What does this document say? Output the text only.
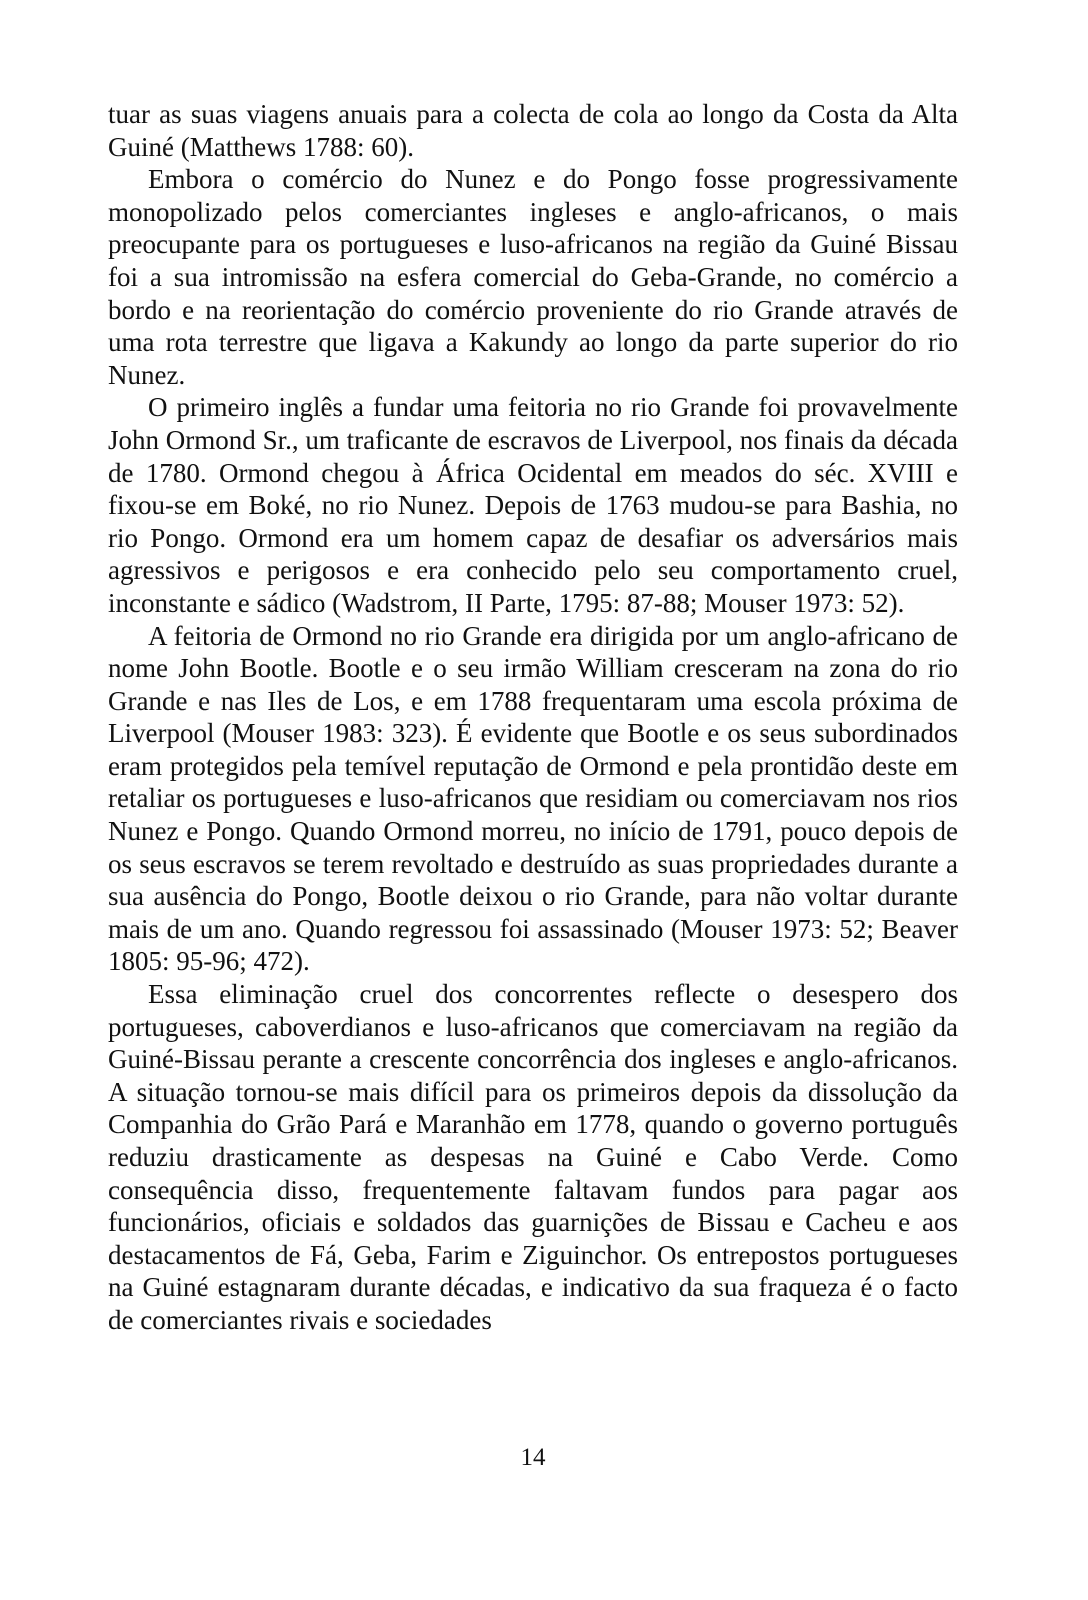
tuar as suas viagens anuais para a colecta de cola ao longo da Costa da Alta Guiné (Matthews 1788: 60).

Embora o comércio do Nunez e do Pongo fosse progressivamente monopolizado pelos comerciantes ingleses e anglo-africanos, o mais preocupante para os portugueses e luso-africanos na região da Guiné Bissau foi a sua intromissão na esfera comercial do Geba-Grande, no comércio a bordo e na reorientação do comércio proveniente do rio Grande através de uma rota terrestre que ligava a Kakundy ao longo da parte superior do rio Nunez.

O primeiro inglês a fundar uma feitoria no rio Grande foi provavelmente John Ormond Sr., um traficante de escravos de Liverpool, nos finais da década de 1780. Ormond chegou à África Ocidental em meados do séc. XVIII e fixou-se em Boké, no rio Nunez. Depois de 1763 mudou-se para Bashia, no rio Pongo. Ormond era um homem capaz de desafiar os adversários mais agressivos e perigosos e era conhecido pelo seu comportamento cruel, inconstante e sádico (Wadstrom, II Parte, 1795: 87-88; Mouser 1973: 52).

A feitoria de Ormond no rio Grande era dirigida por um anglo-africano de nome John Bootle. Bootle e o seu irmão William cresceram na zona do rio Grande e nas Iles de Los, e em 1788 frequentaram uma escola próxima de Liverpool (Mouser 1983: 323). É evidente que Bootle e os seus subordinados eram protegidos pela temível reputação de Ormond e pela prontidão deste em retaliar os portugueses e luso-africanos que residiam ou comerciavam nos rios Nunez e Pongo. Quando Ormond morreu, no início de 1791, pouco depois de os seus escravos se terem revoltado e destruído as suas propriedades durante a sua ausência do Pongo, Bootle deixou o rio Grande, para não voltar durante mais de um ano. Quando regressou foi assassinado (Mouser 1973: 52; Beaver 1805: 95-96; 472).

Essa eliminação cruel dos concorrentes reflecte o desespero dos portugueses, caboverdianos e luso-africanos que comerciavam na região da Guiné-Bissau perante a crescente concorrência dos ingleses e anglo-africanos. A situação tornou-se mais difícil para os primeiros depois da dissolução da Companhia do Grão Pará e Maranhão em 1778, quando o governo português reduziu drasticamente as despesas na Guiné e Cabo Verde. Como consequência disso, frequentemente faltavam fundos para pagar aos funcionários, oficiais e soldados das guarnições de Bissau e Cacheu e aos destacamentos de Fá, Geba, Farim e Ziguinchor. Os entrepostos portugueses na Guiné estagnaram durante décadas, e indicativo da sua fraqueza é o facto de comerciantes rivais e sociedades

14
